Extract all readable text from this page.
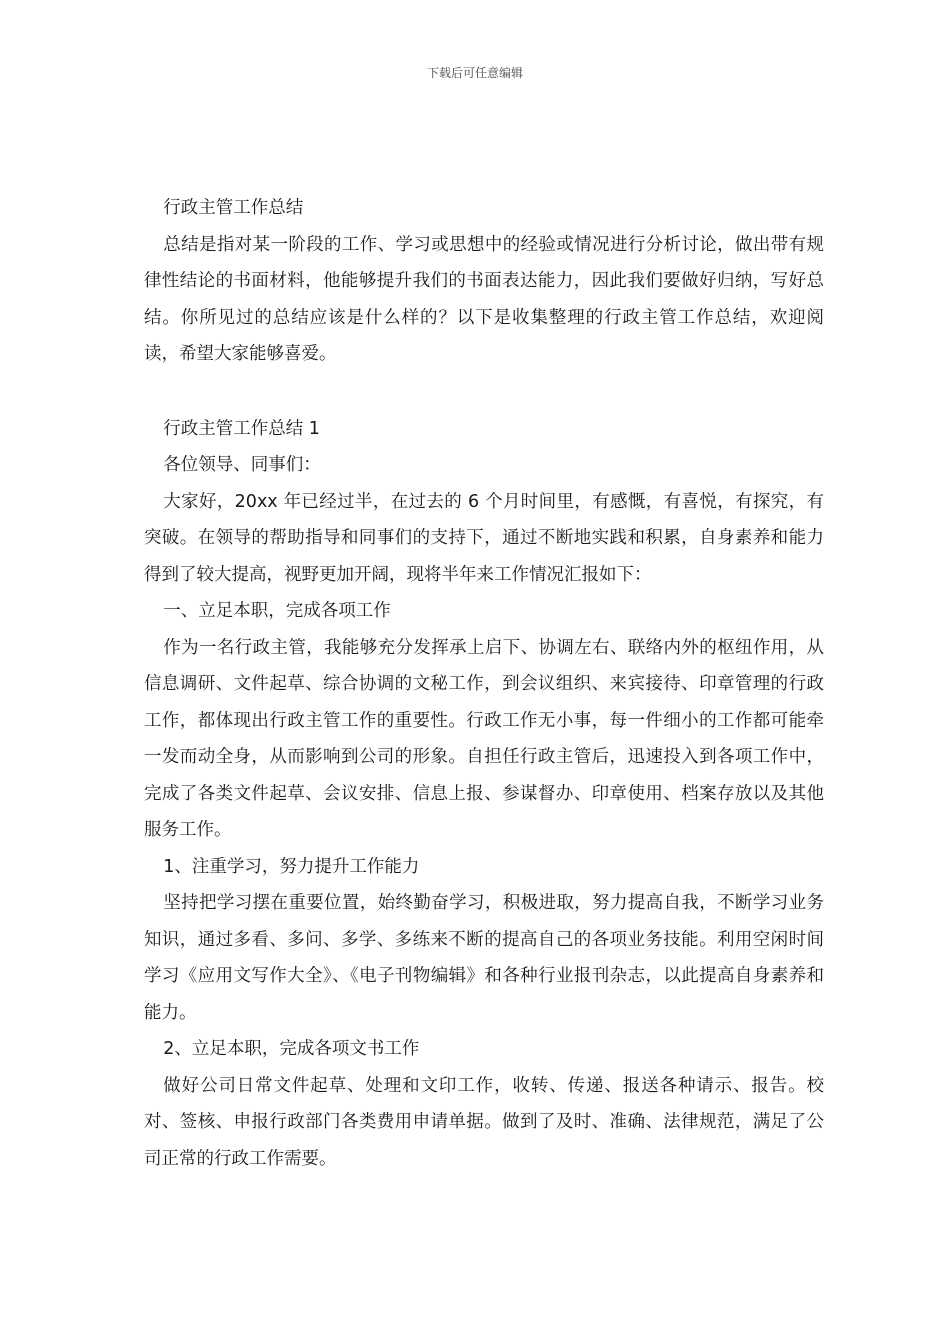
下载后可任意编辑

行政主管工作总结

总结是指对某一阶段的工作、学习或思想中的经验或情况进行分析讨论，做出带有规律性结论的书面材料，他能够提升我们的书面表达能力，因此我们要做好归纳，写好总结。你所见过的总结应该是什么样的？以下是收集整理的行政主管工作总结，欢迎阅读，希望大家能够喜爱。

行政主管工作总结 1

各位领导、同事们：

大家好，20xx 年已经过半，在过去的 6 个月时间里，有感慨，有喜悦，有探究，有突破。在领导的帮助指导和同事们的支持下，通过不断地实践和积累，自身素养和能力得到了较大提高，视野更加开阔，现将半年来工作情况汇报如下：

一、立足本职，完成各项工作

作为一名行政主管，我能够充分发挥承上启下、协调左右、联络内外的枢纽作用，从信息调研、文件起草、综合协调的文秘工作，到会议组织、来宾接待、印章管理的行政工作，都体现出行政主管工作的重要性。行政工作无小事，每一件细小的工作都可能牵一发而动全身，从而影响到公司的形象。自担任行政主管后，迅速投入到各项工作中，完成了各类文件起草、会议安排、信息上报、参谋督办、印章使用、档案存放以及其他服务工作。

1、注重学习，努力提升工作能力

坚持把学习摆在重要位置，始终勤奋学习，积极进取，努力提高自我，不断学习业务知识，通过多看、多问、多学、多练来不断的提高自己的各项业务技能。利用空闲时间学习《应用文写作大全》、《电子刊物编辑》和各种行业报刊杂志，以此提高自身素养和能力。

2、立足本职，完成各项文书工作

做好公司日常文件起草、处理和文印工作，收转、传递、报送各种请示、报告。校对、签核、申报行政部门各类费用申请单据。做到了及时、准确、法律规范，满足了公司正常的行政工作需要。
